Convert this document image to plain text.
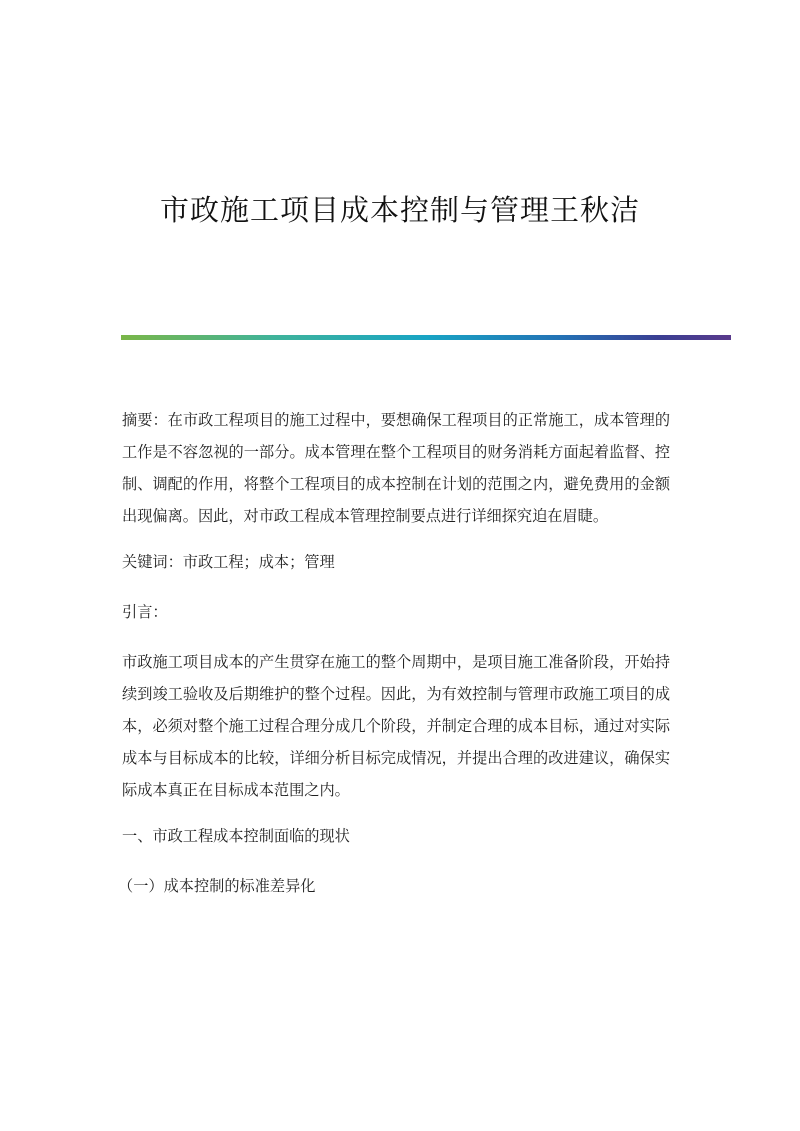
市政施工项目成本控制与管理王秋洁

摘要：在市政工程项目的施工过程中，要想确保工程项目的正常施工，成本管理的工作是不容忽视的一部分。成本管理在整个工程项目的财务消耗方面起着监督、控制、调配的作用，将整个工程项目的成本控制在计划的范围之内，避免费用的金额出现偏离。因此，对市政工程成本管理控制要点进行详细探究迫在眉睫。

关键词：市政工程；成本；管理

引言：

市政施工项目成本的产生贯穿在施工的整个周期中，是项目施工准备阶段，开始持续到竣工验收及后期维护的整个过程。因此，为有效控制与管理市政施工项目的成本，必须对整个施工过程合理分成几个阶段，并制定合理的成本目标，通过对实际成本与目标成本的比较，详细分析目标完成情况，并提出合理的改进建议，确保实际成本真正在目标成本范围之内。

一、市政工程成本控制面临的现状

（一）成本控制的标准差异化
